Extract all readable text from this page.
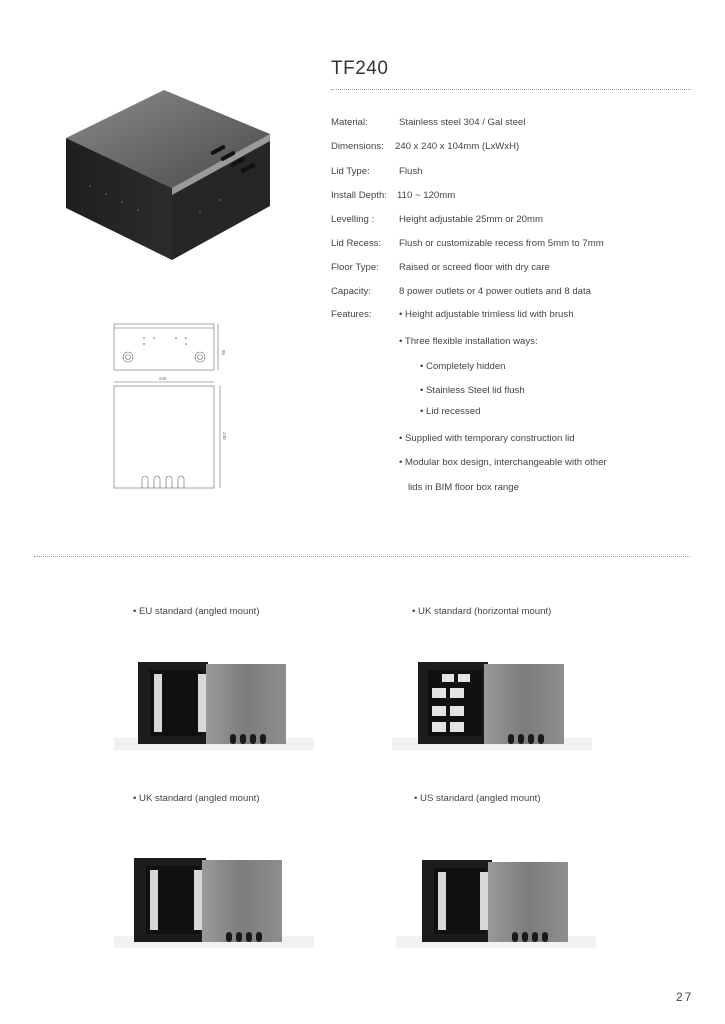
TF240
95
240
240
Material:	Stainless steel 304 / Gal steel
Dimensions: 240 x 240 x 104mm (LxWxH)
Lid Type:	Flush
Install Depth: 110 ~ 120mm
Levelling :	Height adjustable 25mm or 20mm
Lid Recess: Flush or customizable recess from 5mm to 7mm
Floor Type: Raised or screed floor with dry care
Capacity:	8 power outlets or 4 power outlets and 8 data
Features:	• Height adjustable trimless lid with brush
• Three flexible installation ways:
• Completely hidden
• Stainless Steel lid flush
• Lid recessed
• Supplied with temporary construction lid
• Modular box design, interchangeable with other
lids in BIM floor box range
• EU standard (angled mount)	• UK standard (horizontal mount)
• UK standard (angled mount)	• US standard (angled mount)
27
